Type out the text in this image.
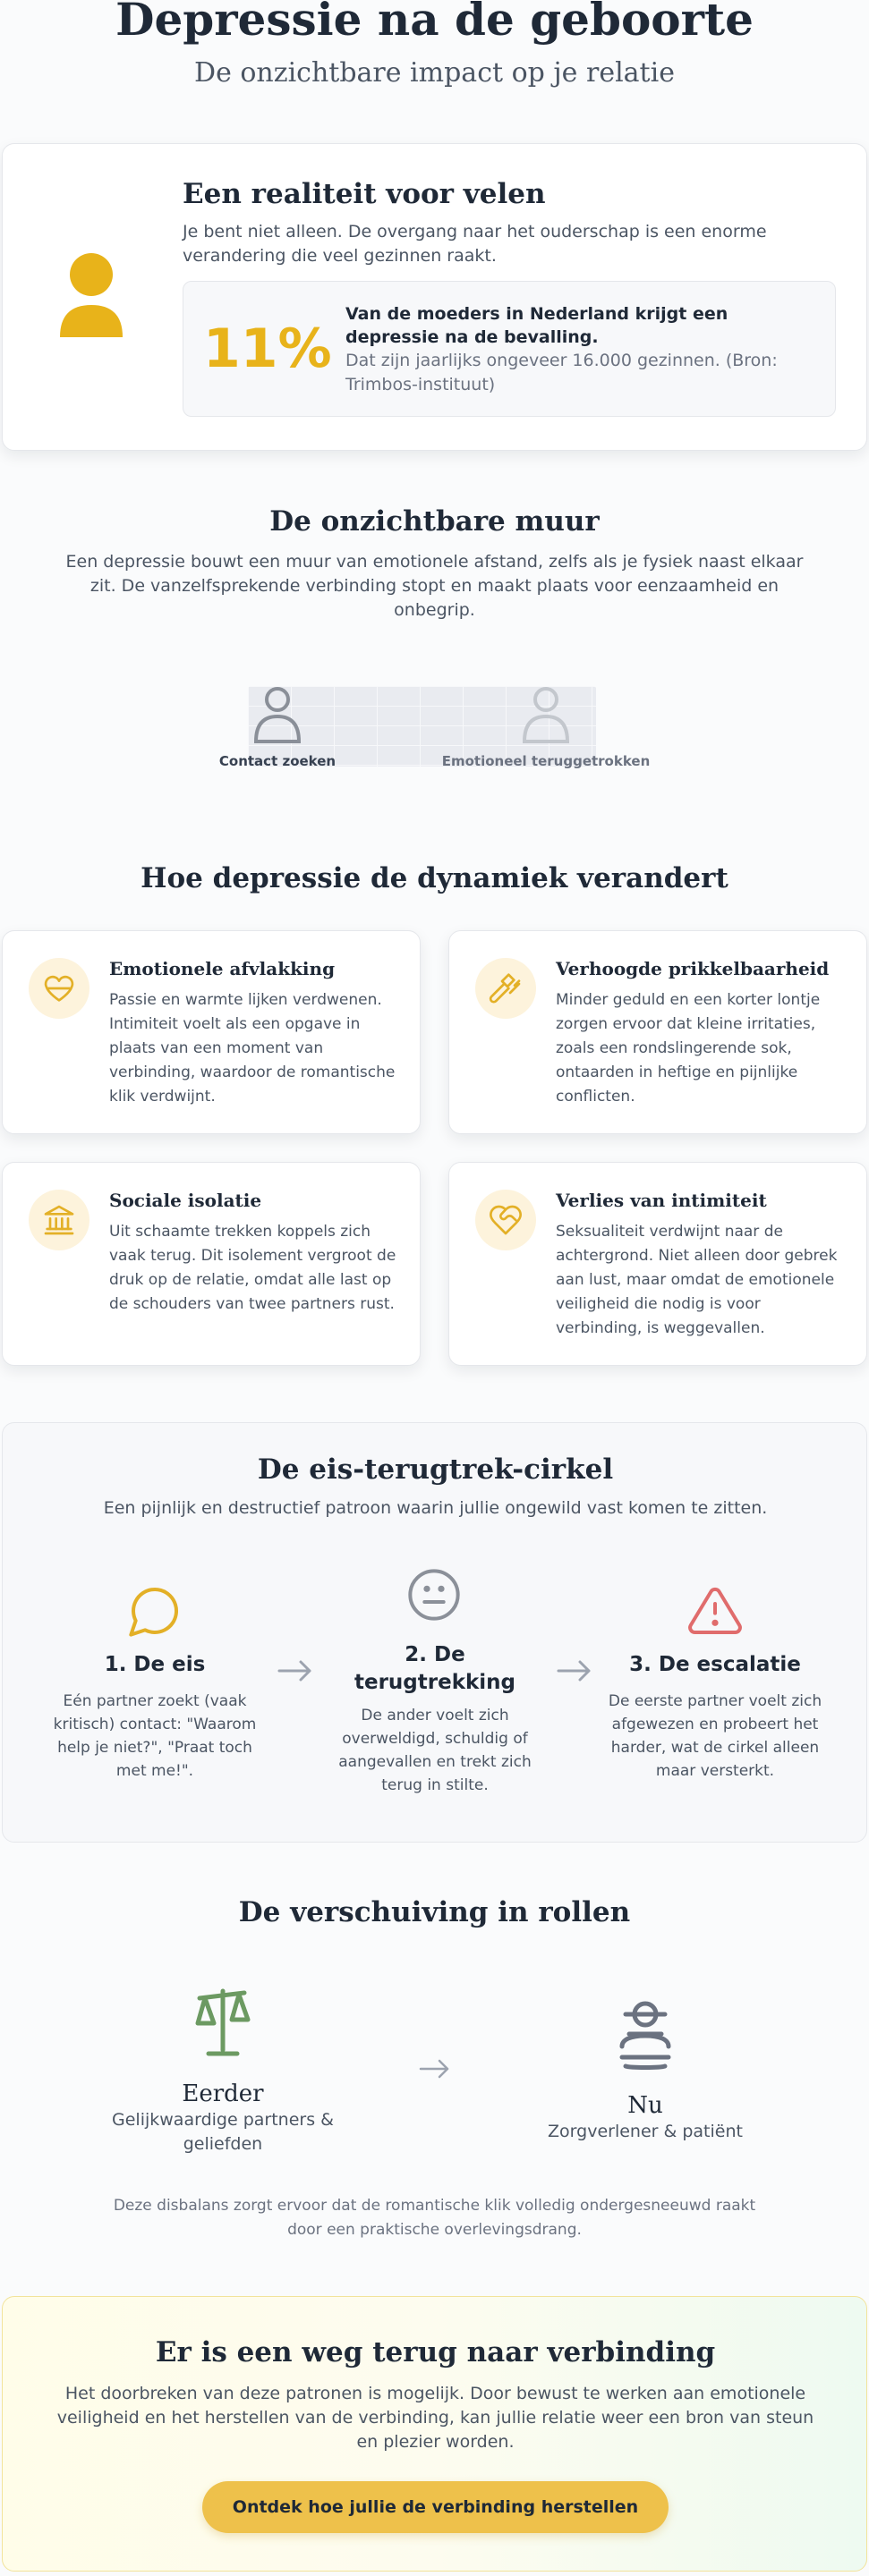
Depressie na de geboorte
De onzichtbare impact op je relatie
Een realiteit voor velen
Je bent niet alleen. De overgang naar het ouderschap is een enorme verandering die veel gezinnen raakt.
11%
Van de moeders in Nederland krijgt een depressie na de bevalling.
Dat zijn jaarlijks ongeveer 16.000 gezinnen. (Bron: Trimbos-instituut)
De onzichtbare muur
Een depressie bouwt een muur van emotionele afstand, zelfs als je fysiek naast elkaar zit. De vanzelfsprekende verbinding stopt en maakt plaats voor eenzaamheid en onbegrip.
Contact zoeken	Emotioneel teruggetrokken
Hoe depressie de dynamiek verandert
Emotionele afvlakking
Passie en warmte lijken verdwenen. Intimiteit voelt als een opgave in plaats van een moment van verbinding, waardoor de romantische klik verdwijnt.
Verhoogde prikkelbaarheid
Minder geduld en een korter lontje zorgen ervoor dat kleine irritaties, zoals een rondslingerende sok, ontaarden in heftige en pijnlijke conflicten.
Sociale isolatie
Uit schaamte trekken koppels zich vaak terug. Dit isolement vergroot de druk op de relatie, omdat alle last op de schouders van twee partners rust.
Verlies van intimiteit
Seksualiteit verdwijnt naar de achtergrond. Niet alleen door gebrek aan lust, maar omdat de emotionele veiligheid die nodig is voor verbinding, is weggevallen.
De eis-terugtrek-cirkel
Een pijnlijk en destructief patroon waarin jullie ongewild vast komen te zitten.
1. De eis
Eén partner zoekt (vaak kritisch) contact: "Waarom help je niet?", "Praat toch met me!".
2. De terugtrekking
De ander voelt zich overweldigd, schuldig of aangevallen en trekt zich terug in stilte.
3. De escalatie
De eerste partner voelt zich afgewezen en probeert het harder, wat de cirkel alleen maar versterkt.
De verschuiving in rollen
Eerder
Gelijkwaardige partners & geliefden
Nu
Zorgverlener & patiënt
Deze disbalans zorgt ervoor dat de romantische klik volledig ondergesneeuwd raakt door een praktische overlevingsdrang.
Er is een weg terug naar verbinding
Het doorbreken van deze patronen is mogelijk. Door bewust te werken aan emotionele veiligheid en het herstellen van de verbinding, kan jullie relatie weer een bron van steun en plezier worden.
Ontdek hoe jullie de verbinding herstellen
